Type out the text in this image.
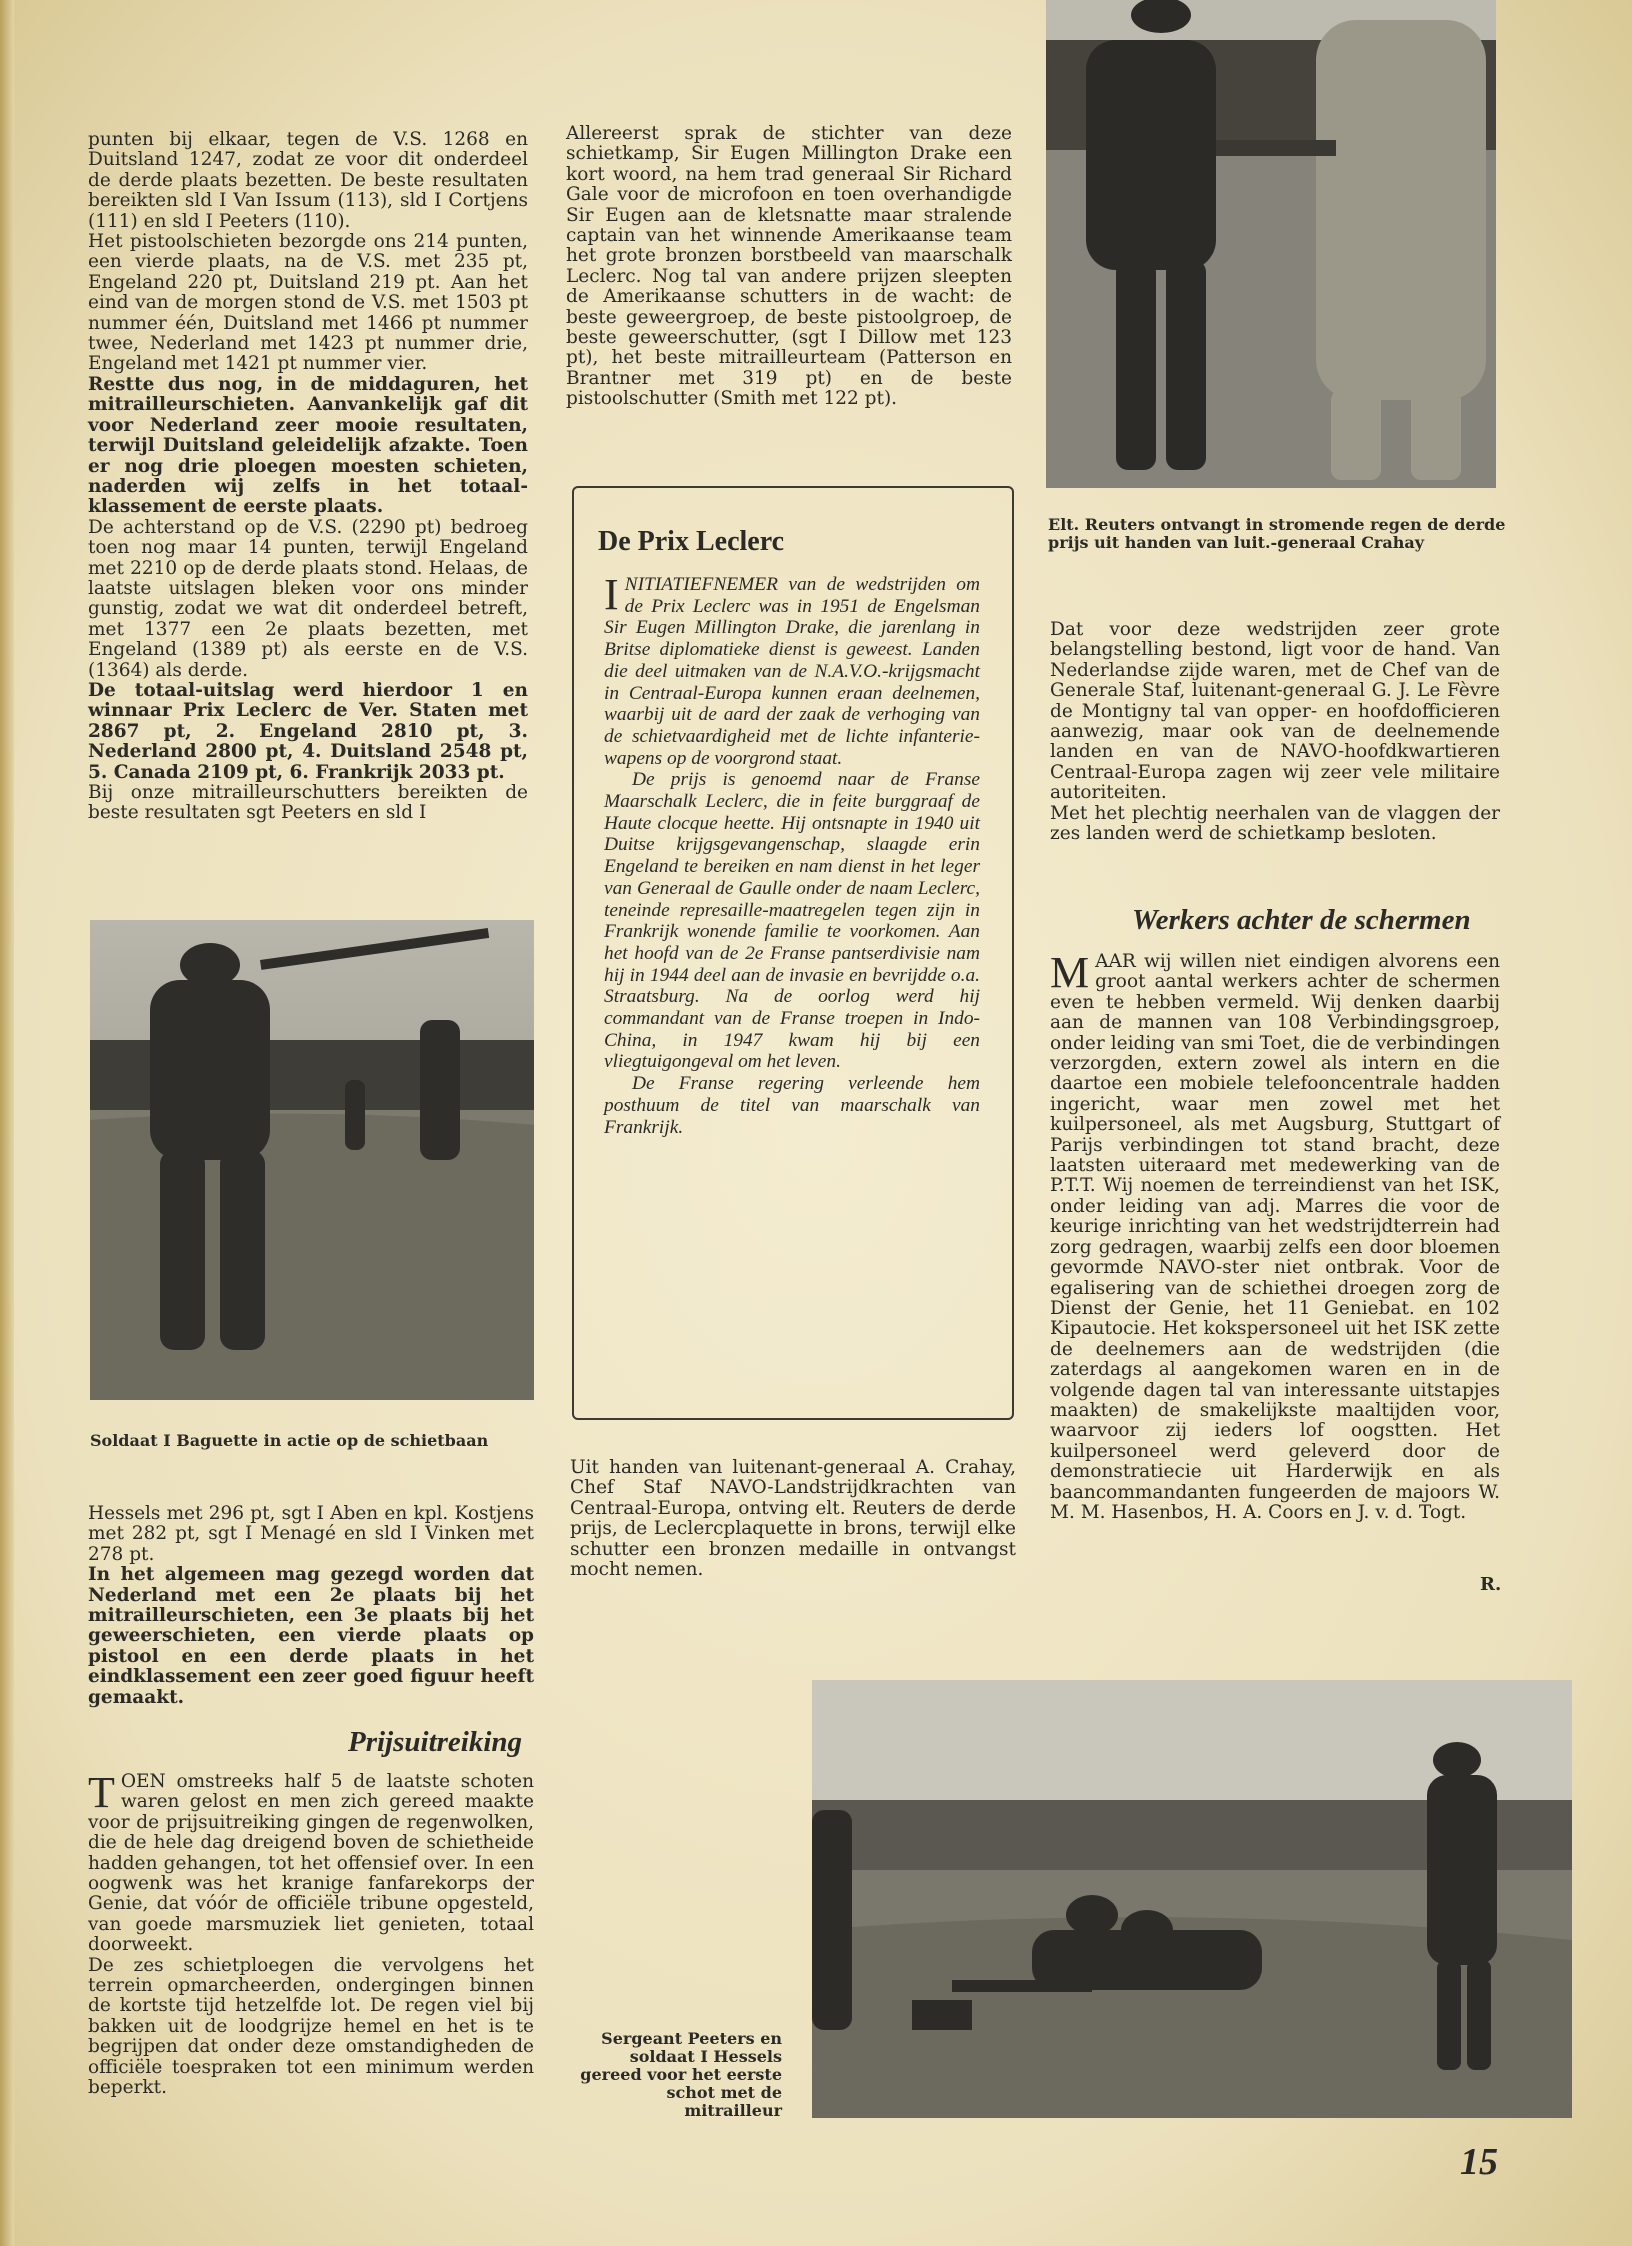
punten bij elkaar, tegen de V.S. 1268 en Duitsland 1247, zodat ze voor dit onderdeel de derde plaats bezetten. De beste resultaten bereikten sld I Van Issum (113), sld I Cortjens (111) en sld I Peeters (110).

Het pistoolschieten bezorgde ons 214 punten, een vierde plaats, na de V.S. met 235 pt, Engeland 220 pt, Duitsland 219 pt. Aan het eind van de morgen stond de V.S. met 1503 pt nummer één, Duitsland met 1466 pt nummer twee, Nederland met 1423 pt nummer drie, Engeland met 1421 pt nummer vier.

Restte dus nog, in de middaguren, het mitrailleurschieten. Aanvankelijk gaf dit voor Nederland zeer mooie resultaten, terwijl Duitsland geleidelijk afzakte. Toen er nog drie ploegen moesten schieten, naderden wij zelfs in het totaal-klassement de eerste plaats.

De achterstand op de V.S. (2290 pt) bedroeg toen nog maar 14 punten, terwijl Engeland met 2210 op de derde plaats stond. Helaas, de laatste uitslagen bleken voor ons minder gunstig, zodat we wat dit onderdeel betreft, met 1377 een 2e plaats bezetten, met Engeland (1389 pt) als eerste en de V.S. (1364) als derde.

De totaal-uitslag werd hierdoor 1 en winnaar Prix Leclerc de Ver. Staten met 2867 pt, 2. Engeland 2810 pt, 3. Nederland 2800 pt, 4. Duitsland 2548 pt, 5. Canada 2109 pt, 6. Frankrijk 2033 pt.

Bij onze mitrailleurschutters bereikten de beste resultaten sgt Peeters en sld I

Soldaat I Baguette in actie op de schietbaan

Hessels met 296 pt, sgt I Aben en kpl. Kostjens met 282 pt, sgt I Menagé en sld I Vinken met 278 pt.

In het algemeen mag gezegd worden dat Nederland met een 2e plaats bij het mitrailleurschieten, een 3e plaats bij het geweerschieten, een vierde plaats op pistool en een derde plaats in het eindklassement een zeer goed figuur heeft gemaakt.

Prijsuitreiking

TOEN omstreeks half 5 de laatste schoten waren gelost en men zich gereed maakte voor de prijsuitreiking gingen de regenwolken, die de hele dag dreigend boven de schietheide hadden gehangen, tot het offensief over. In een oogwenk was het kranige fanfarekorps der Genie, dat vóór de officiële tribune opgesteld, van goede marsmuziek liet genieten, totaal doorweekt.

De zes schietploegen die vervolgens het terrein opmarcheerden, ondergingen binnen de kortste tijd hetzelfde lot. De regen viel bij bakken uit de loodgrijze hemel en het is te begrijpen dat onder deze omstandigheden de officiële toespraken tot een minimum werden beperkt.

Allereerst sprak de stichter van deze schietkamp, Sir Eugen Millington Drake een kort woord, na hem trad generaal Sir Richard Gale voor de microfoon en toen overhandigde Sir Eugen aan de kletsnatte maar stralende captain van het winnende Amerikaanse team het grote bronzen borstbeeld van maarschalk Leclerc. Nog tal van andere prijzen sleepten de Amerikaanse schutters in de wacht: de beste geweergroep, de beste pistoolgroep, de beste geweerschutter, (sgt I Dillow met 123 pt), het beste mitrailleurteam (Patterson en Brantner met 319 pt) en de beste pistoolschutter (Smith met 122 pt).

De Prix Leclerc

INITIATIEFNEMER van de wedstrijden om de Prix Leclerc was in 1951 de Engelsman Sir Eugen Millington Drake, die jarenlang in Britse diplomatieke dienst is geweest. Landen die deel uitmaken van de N.A.V.O.-krijgsmacht in Centraal-Europa kunnen eraan deelnemen, waarbij uit de aard der zaak de verhoging van de schietvaardigheid met de lichte infanterie-wapens op de voorgrond staat.

De prijs is genoemd naar de Franse Maarschalk Leclerc, die in feite burggraaf de Haute clocque heette. Hij ontsnapte in 1940 uit Duitse krijgsgevangenschap, slaagde erin Engeland te bereiken en nam dienst in het leger van Generaal de Gaulle onder de naam Leclerc, teneinde represaille-maatregelen tegen zijn in Frankrijk wonende familie te voorkomen. Aan het hoofd van de 2e Franse pantserdivisie nam hij in 1944 deel aan de invasie en bevrijdde o.a. Straatsburg. Na de oorlog werd hij commandant van de Franse troepen in Indo-China, in 1947 kwam hij bij een vliegtuigongeval om het leven.

De Franse regering verleende hem posthuum de titel van maarschalk van Frankrijk.

Uit handen van luitenant-generaal A. Crahay, Chef Staf NAVO-Landstrijdkrachten van Centraal-Europa, ontving elt. Reuters de derde prijs, de Leclercplaquette in brons, terwijl elke schutter een bronzen medaille in ontvangst mocht nemen.

Elt. Reuters ontvangt in stromende regen de derde prijs uit handen van luit.-generaal Crahay

Dat voor deze wedstrijden zeer grote belangstelling bestond, ligt voor de hand. Van Nederlandse zijde waren, met de Chef van de Generale Staf, luitenant-generaal G. J. Le Fèvre de Montigny tal van opper- en hoofdofficieren aanwezig, maar ook van de deelnemende landen en van de NAVO-hoofdkwartieren Centraal-Europa zagen wij zeer vele militaire autoriteiten.

Met het plechtig neerhalen van de vlaggen der zes landen werd de schietkamp besloten.

Werkers achter de schermen

MAAR wij willen niet eindigen alvorens een groot aantal werkers achter de schermen even te hebben vermeld. Wij denken daarbij aan de mannen van 108 Verbindingsgroep, onder leiding van smi Toet, die de verbindingen verzorgden, extern zowel als intern en die daartoe een mobiele telefooncentrale hadden ingericht, waar men zowel met het kuilpersoneel, als met Augsburg, Stuttgart of Parijs verbindingen tot stand bracht, deze laatsten uiteraard met medewerking van de P.T.T. Wij noemen de terreindienst van het ISK, onder leiding van adj. Marres die voor de keurige inrichting van het wedstrijdterrein had zorg gedragen, waarbij zelfs een door bloemen gevormde NAVO-ster niet ontbrak. Voor de egalisering van de schiethei droegen zorg de Dienst der Genie, het 11 Geniebat. en 102 Kipautocie. Het kokspersoneel uit het ISK zette de deelnemers aan de wedstrijden (die zaterdags al aangekomen waren en in de volgende dagen tal van interessante uitstapjes maakten) de smakelijkste maaltijden voor, waarvoor zij ieders lof oogstten. Het kuilpersoneel werd geleverd door de demonstratiecie uit Harderwijk en als baancommandanten fungeerden de majoors W. M. M. Hasenbos, H. A. Coors en J. v. d. Togt.

R.
Sergeant Peeters en soldaat I Hessels gereed voor het eerste schot met de mitrailleur
15
